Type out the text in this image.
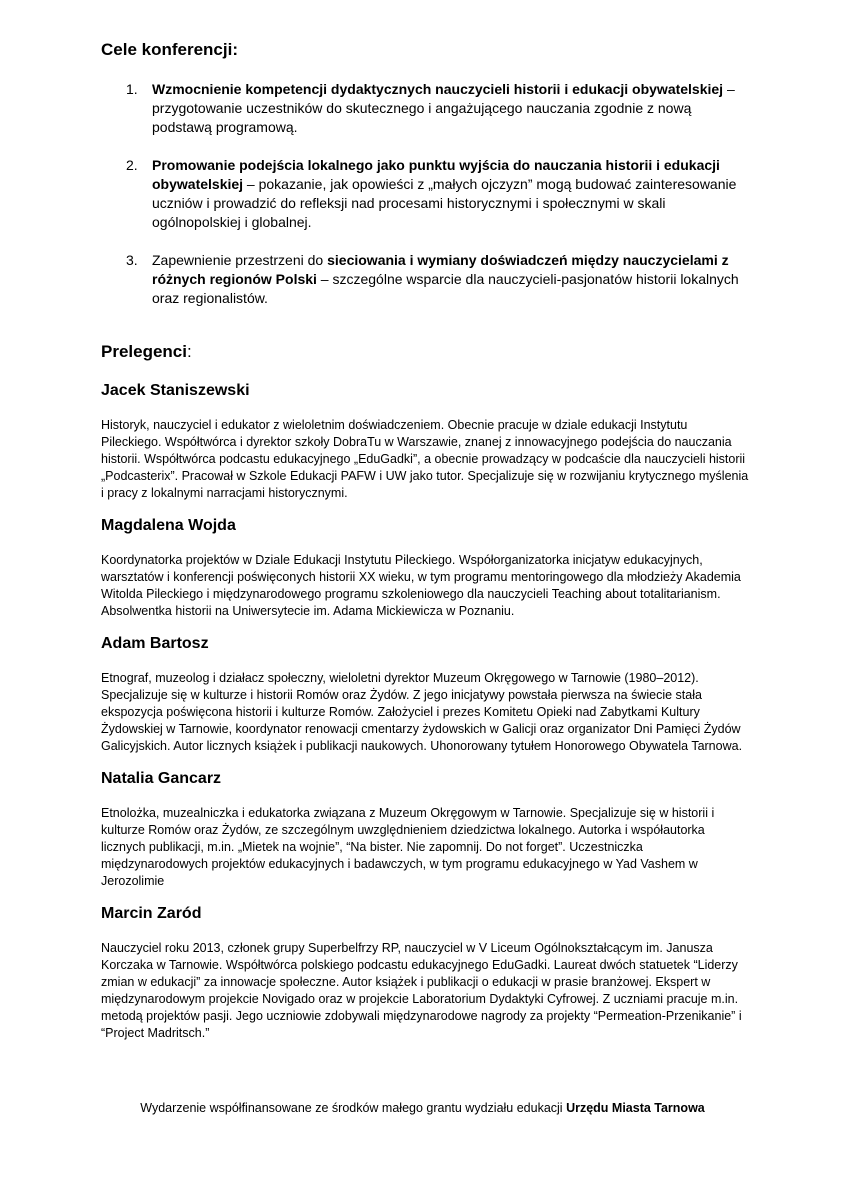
Cele konferencji:
1.	Wzmocnienie kompetencji dydaktycznych nauczycieli historii i edukacji obywatelskiej – przygotowanie uczestników do skutecznego i angażującego nauczania zgodnie z nową podstawą programową.
2.	Promowanie podejścia lokalnego jako punktu wyjścia do nauczania historii i edukacji obywatelskiej – pokazanie, jak opowieści z „małych ojczyzn” mogą budować zainteresowanie uczniów i prowadzić do refleksji nad procesami historycznymi i społecznymi w skali ogólnopolskiej i globalnej.
3.	Zapewnienie przestrzeni do sieciowania i wymiany doświadczeń między nauczycielami z różnych regionów Polski – szczególne wsparcie dla nauczycieli-pasjonatów historii lokalnych oraz regionalistów.
Prelegenci:
Jacek Staniszewski

Historyk, nauczyciel i edukator z wieloletnim doświadczeniem. Obecnie pracuje w dziale edukacji Instytutu Pileckiego. Współtwórca i dyrektor szkoły DobraTu w Warszawie, znanej z innowacyjnego podejścia do nauczania historii. Współtwórca podcastu edukacyjnego „EduGadki”, a obecnie prowadzący w podcaście dla nauczycieli historii „Podcasterix”. Pracował w Szkole Edukacji PAFW i UW jako tutor. Specjalizuje się w rozwijaniu krytycznego myślenia i pracy z lokalnymi narracjami historycznymi.

Magdalena Wojda

Koordynatorka projektów w Dziale Edukacji Instytutu Pileckiego. Współorganizatorka inicjatyw edukacyjnych, warsztatów i konferencji poświęconych historii XX wieku, w tym programu mentoringowego dla młodzieży Akademia Witolda Pileckiego i międzynarodowego programu szkoleniowego dla nauczycieli Teaching about totalitarianism. Absolwentka historii na Uniwersytecie im. Adama Mickiewicza w Poznaniu.

Adam Bartosz

Etnograf, muzeolog i działacz społeczny, wieloletni dyrektor Muzeum Okręgowego w Tarnowie (1980–2012). Specjalizuje się w kulturze i historii Romów oraz Żydów. Z jego inicjatywy powstała pierwsza na świecie stała ekspozycja poświęcona historii i kulturze Romów. Założyciel i prezes Komitetu Opieki nad Zabytkami Kultury Żydowskiej w Tarnowie, koordynator renowacji cmentarzy żydowskich w Galicji oraz organizator Dni Pamięci Żydów Galicyjskich. Autor licznych książek i publikacji naukowych. Uhonorowany tytułem Honorowego Obywatela Tarnowa.

Natalia Gancarz

Etnolożka, muzealniczka i edukatorka związana z Muzeum Okręgowym w Tarnowie. Specjalizuje się w historii i kulturze Romów oraz Żydów, ze szczególnym uwzględnieniem dziedzictwa lokalnego. Autorka i współautorka licznych publikacji, m.in. „Mietek na wojnie”, “Na bister. Nie zapomnij. Do not forget”. Uczestniczka międzynarodowych projektów edukacyjnych i badawczych, w tym programu edukacyjnego w Yad Vashem w Jerozolimie

Marcin Zaród

Nauczyciel roku 2013, członek grupy Superbelfrzy RP, nauczyciel w V Liceum Ogólnokształcącym im. Janusza Korczaka w Tarnowie. Współtwórca polskiego podcastu edukacyjnego EduGadki. Laureat dwóch statuetek “Liderzy zmian w edukacji” za innowacje społeczne. Autor książek i publikacji o edukacji w prasie branżowej. Ekspert w międzynarodowym projekcie Novigado oraz w projekcie Laboratorium Dydaktyki Cyfrowej. Z uczniami pracuje m.in. metodą projektów pasji. Jego uczniowie zdobywali międzynarodowe nagrody za projekty “Permeation-Przenikanie” i “Project Madritsch.”

Wydarzenie współfinansowane ze środków małego grantu wydziału edukacji Urzędu Miasta Tarnowa
